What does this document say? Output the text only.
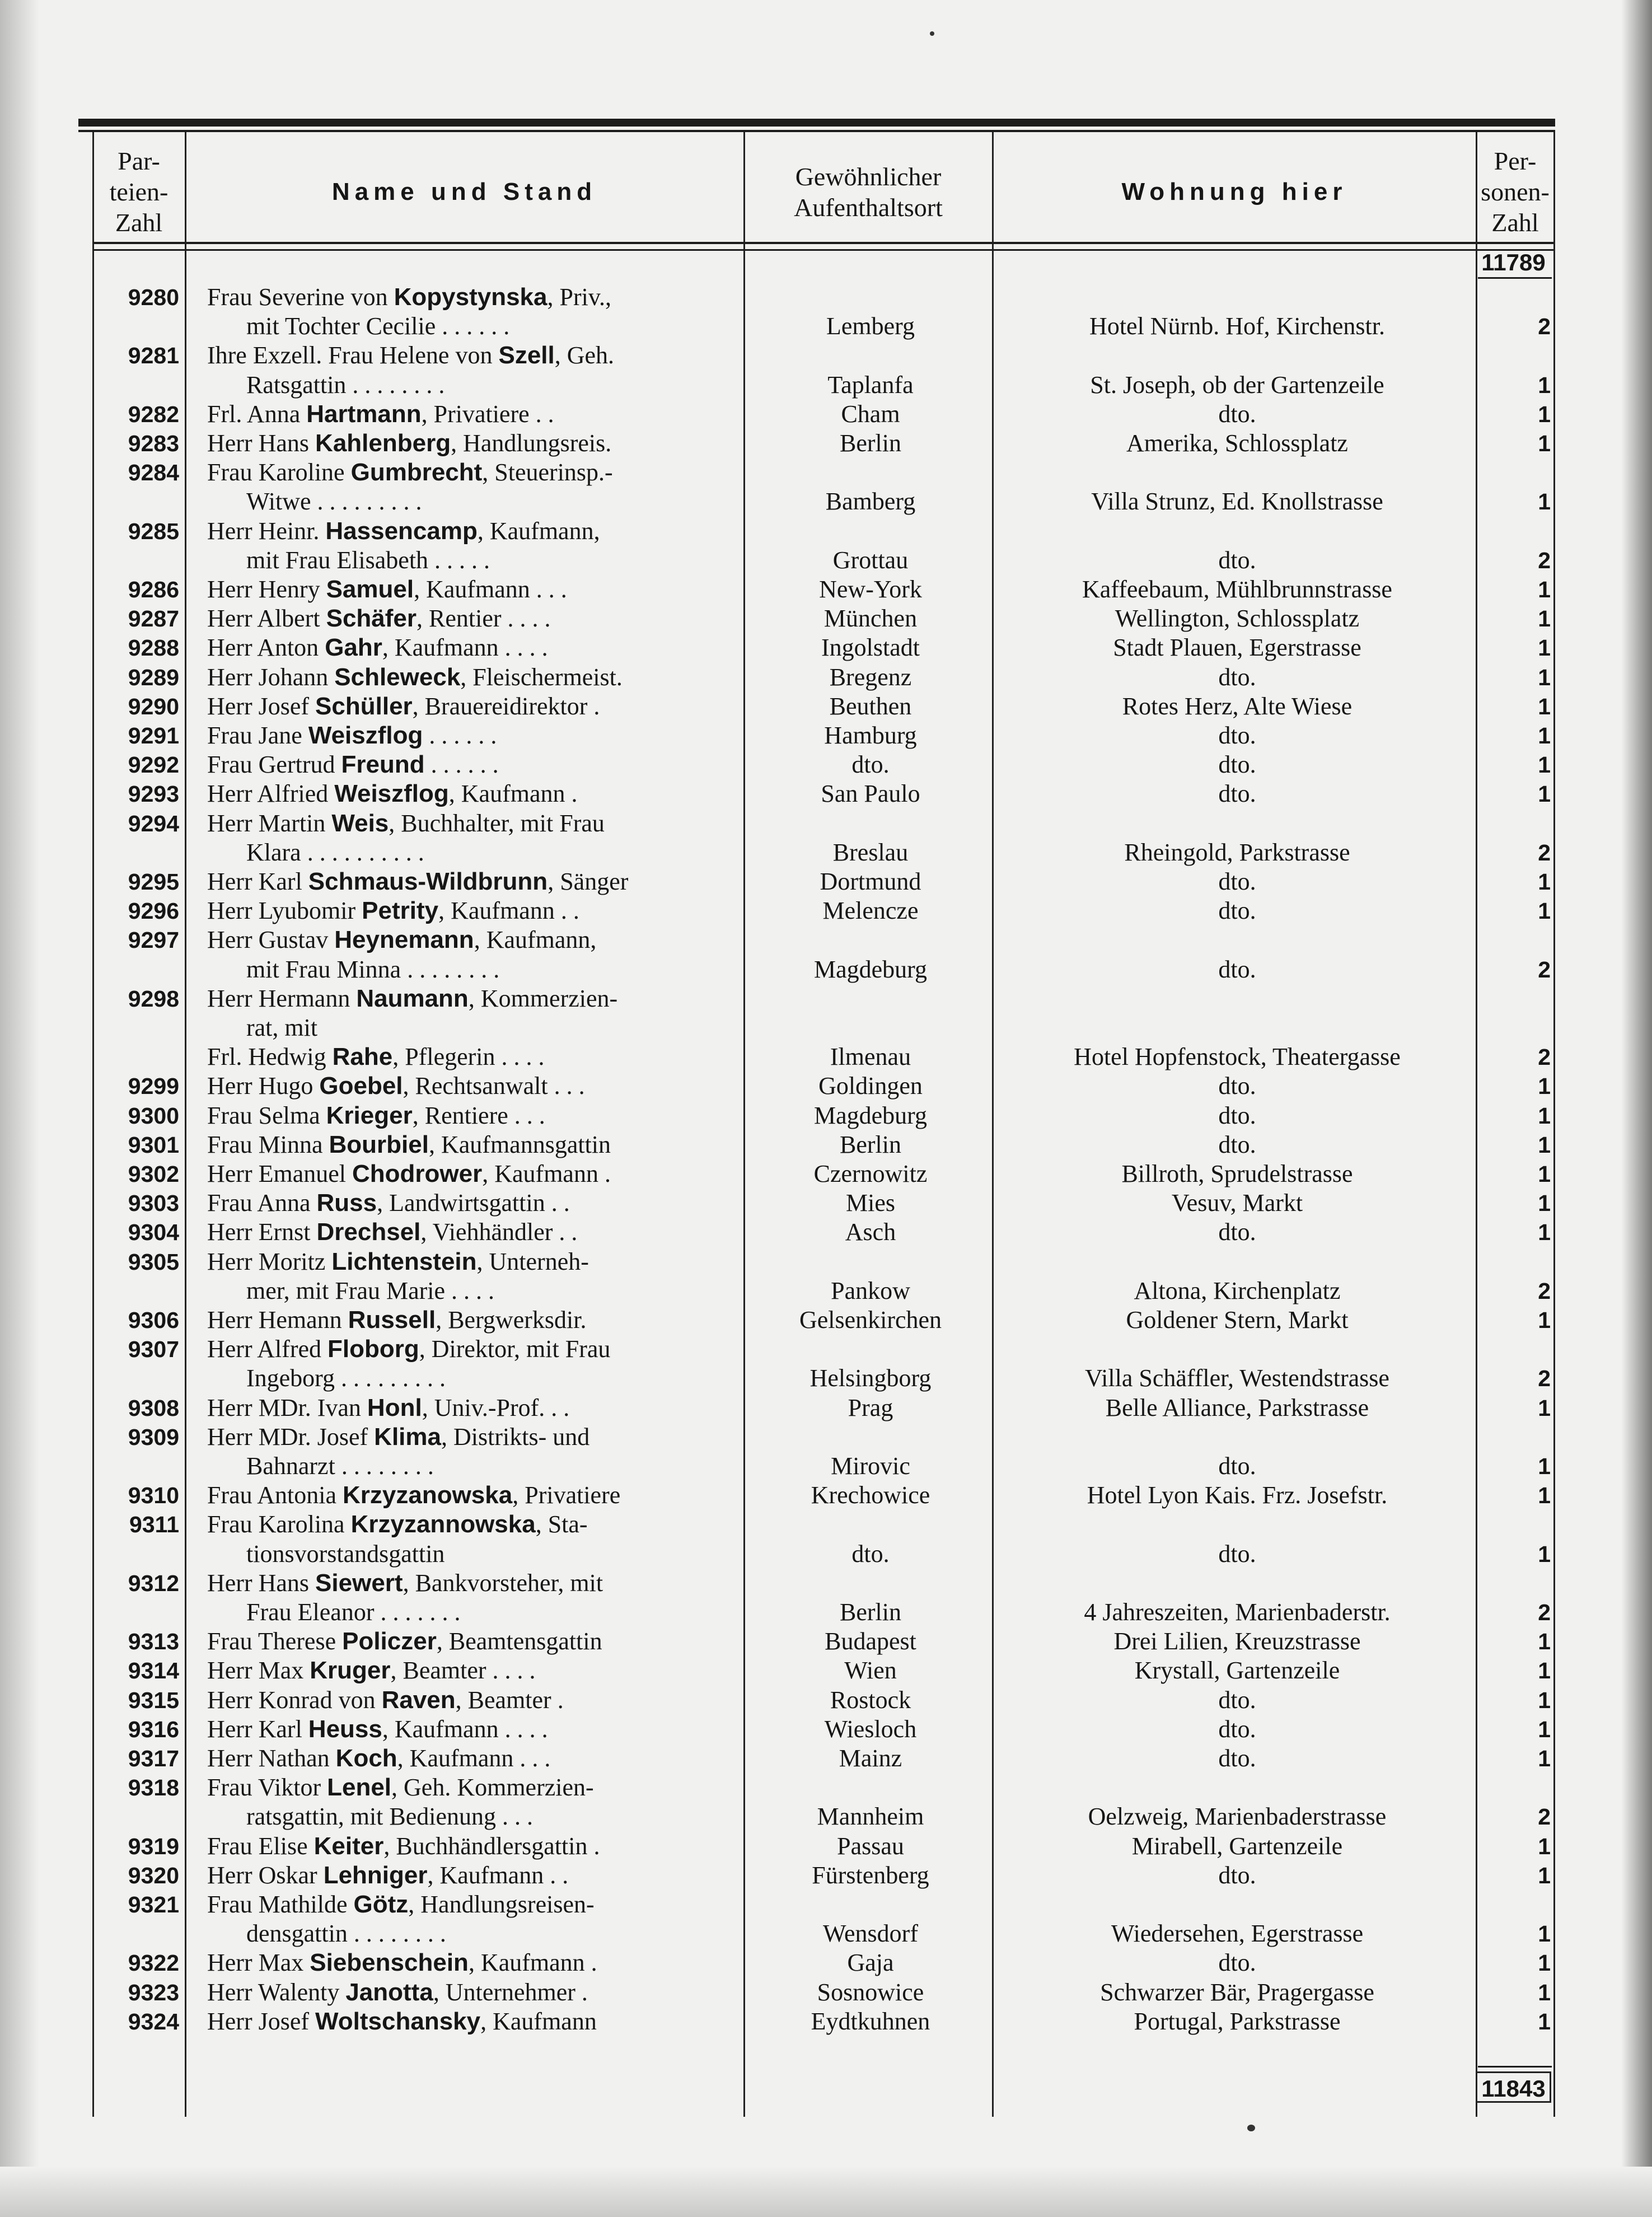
Par-
teien-
Zahl
Name und Stand
Gewöhnlicher
Aufenthaltsort
Wohnung hier
Per-
sonen-
Zahl
11789
9280 Frau Severine von Kopystynska, Priv.,
mit Tochter Cecilie . . . . . .	Lemberg	Hotel Nürnb. Hof, Kirchenstr.	2
9281 Ihre Exzell. Frau Helene von Szell, Geh.
Ratsgattin . . . . . . . .	Taplanfa	St. Joseph, ob der Gartenzeile	1
9282 Frl. Anna Hartmann, Privatiere . .	Cham	dto.	1
9283 Herr Hans Kahlenberg, Handlungsreis.	Berlin	Amerika, Schlossplatz	1
9284 Frau Karoline Gumbrecht, Steuerinsp.-
Witwe . . . . . . . . .	Bamberg	Villa Strunz, Ed. Knollstrasse	1
9285 Herr Heinr. Hassencamp, Kaufmann,
mit Frau Elisabeth . . . . .	Grottau	dto.	2
9286 Herr Henry Samuel, Kaufmann . . .	New-York	Kaffeebaum, Mühlbrunnstrasse	1
9287 Herr Albert Schäfer, Rentier . . . .	München	Wellington, Schlossplatz	1
9288 Herr Anton Gahr, Kaufmann . . . .	Ingolstadt	Stadt Plauen, Egerstrasse	1
9289 Herr Johann Schleweck, Fleischermeist.	Bregenz	dto.	1
9290 Herr Josef Schüller, Brauereidirektor .	Beuthen	Rotes Herz, Alte Wiese	1
9291 Frau Jane Weiszflog . . . . . .	Hamburg	dto.	1
9292 Frau Gertrud Freund . . . . . .	dto.	dto.	1
9293 Herr Alfried Weiszflog, Kaufmann .	San Paulo	dto.	1
9294 Herr Martin Weis, Buchhalter, mit Frau
Klara . . . . . . . . . .	Breslau	Rheingold, Parkstrasse	2
9295 Herr Karl Schmaus-Wildbrunn, Sänger	Dortmund	dto.	1
9296 Herr Lyubomir Petrity, Kaufmann . .	Melencze	dto.	1
9297 Herr Gustav Heynemann, Kaufmann,
mit Frau Minna . . . . . . . .	Magdeburg	dto.	2
9298 Herr Hermann Naumann, Kommerzien-
rat, mit
Frl. Hedwig Rahe, Pflegerin . . . .	Ilmenau	Hotel Hopfenstock, Theatergasse	2
9299 Herr Hugo Goebel, Rechtsanwalt . . .	Goldingen	dto.	1
9300 Frau Selma Krieger, Rentiere . . .	Magdeburg	dto.	1
9301 Frau Minna Bourbiel, Kaufmannsgattin	Berlin	dto.	1
9302 Herr Emanuel Chodrower, Kaufmann .	Czernowitz	Billroth, Sprudelstrasse	1
9303 Frau Anna Russ, Landwirtsgattin . .	Mies	Vesuv, Markt	1
9304 Herr Ernst Drechsel, Viehhändler . .	Asch	dto.	1
9305 Herr Moritz Lichtenstein, Unterneh-
mer, mit Frau Marie . . . .	Pankow	Altona, Kirchenplatz	2
9306 Herr Hemann Russell, Bergwerksdir.	Gelsenkirchen	Goldener Stern, Markt	1
9307 Herr Alfred Floborg, Direktor, mit Frau
Ingeborg . . . . . . . . .	Helsingborg	Villa Schäffler, Westendstrasse	2
9308 Herr MDr. Ivan Honl, Univ.-Prof. . .	Prag	Belle Alliance, Parkstrasse	1
9309 Herr MDr. Josef Klima, Distrikts- und
Bahnarzt . . . . . . . .	Mirovic	dto.	1
9310 Frau Antonia Krzyzanowska, Privatiere	Krechowice	Hotel Lyon Kais. Frz. Josefstr.	1
9311 Frau Karolina Krzyzannowska, Sta-
tionsvorstandsgattin	dto.	dto.	1
9312 Herr Hans Siewert, Bankvorsteher, mit
Frau Eleanor . . . . . . .	Berlin	4 Jahreszeiten, Marienbaderstr.	2
9313 Frau Therese Policzer, Beamtensgattin	Budapest	Drei Lilien, Kreuzstrasse	1
9314 Herr Max Kruger, Beamter . . . .	Wien	Krystall, Gartenzeile	1
9315 Herr Konrad von Raven, Beamter .	Rostock	dto.	1
9316 Herr Karl Heuss, Kaufmann . . . .	Wiesloch	dto.	1
9317 Herr Nathan Koch, Kaufmann . . .	Mainz	dto.	1
9318 Frau Viktor Lenel, Geh. Kommerzien-
ratsgattin, mit Bedienung . . .	Mannheim	Oelzweig, Marienbaderstrasse	2
9319 Frau Elise Keiter, Buchhändlersgattin .	Passau	Mirabell, Gartenzeile	1
9320 Herr Oskar Lehniger, Kaufmann . .	Fürstenberg	dto.	1
9321 Frau Mathilde Götz, Handlungsreisen-
densgattin . . . . . . . .	Wensdorf	Wiedersehen, Egerstrasse	1
9322 Herr Max Siebenschein, Kaufmann .	Gaja	dto.	1
9323 Herr Walenty Janotta, Unternehmer .	Sosnowice	Schwarzer Bär, Pragergasse	1
9324 Herr Josef Woltschansky, Kaufmann	Eydtkuhnen	Portugal, Parkstrasse	1
11843
